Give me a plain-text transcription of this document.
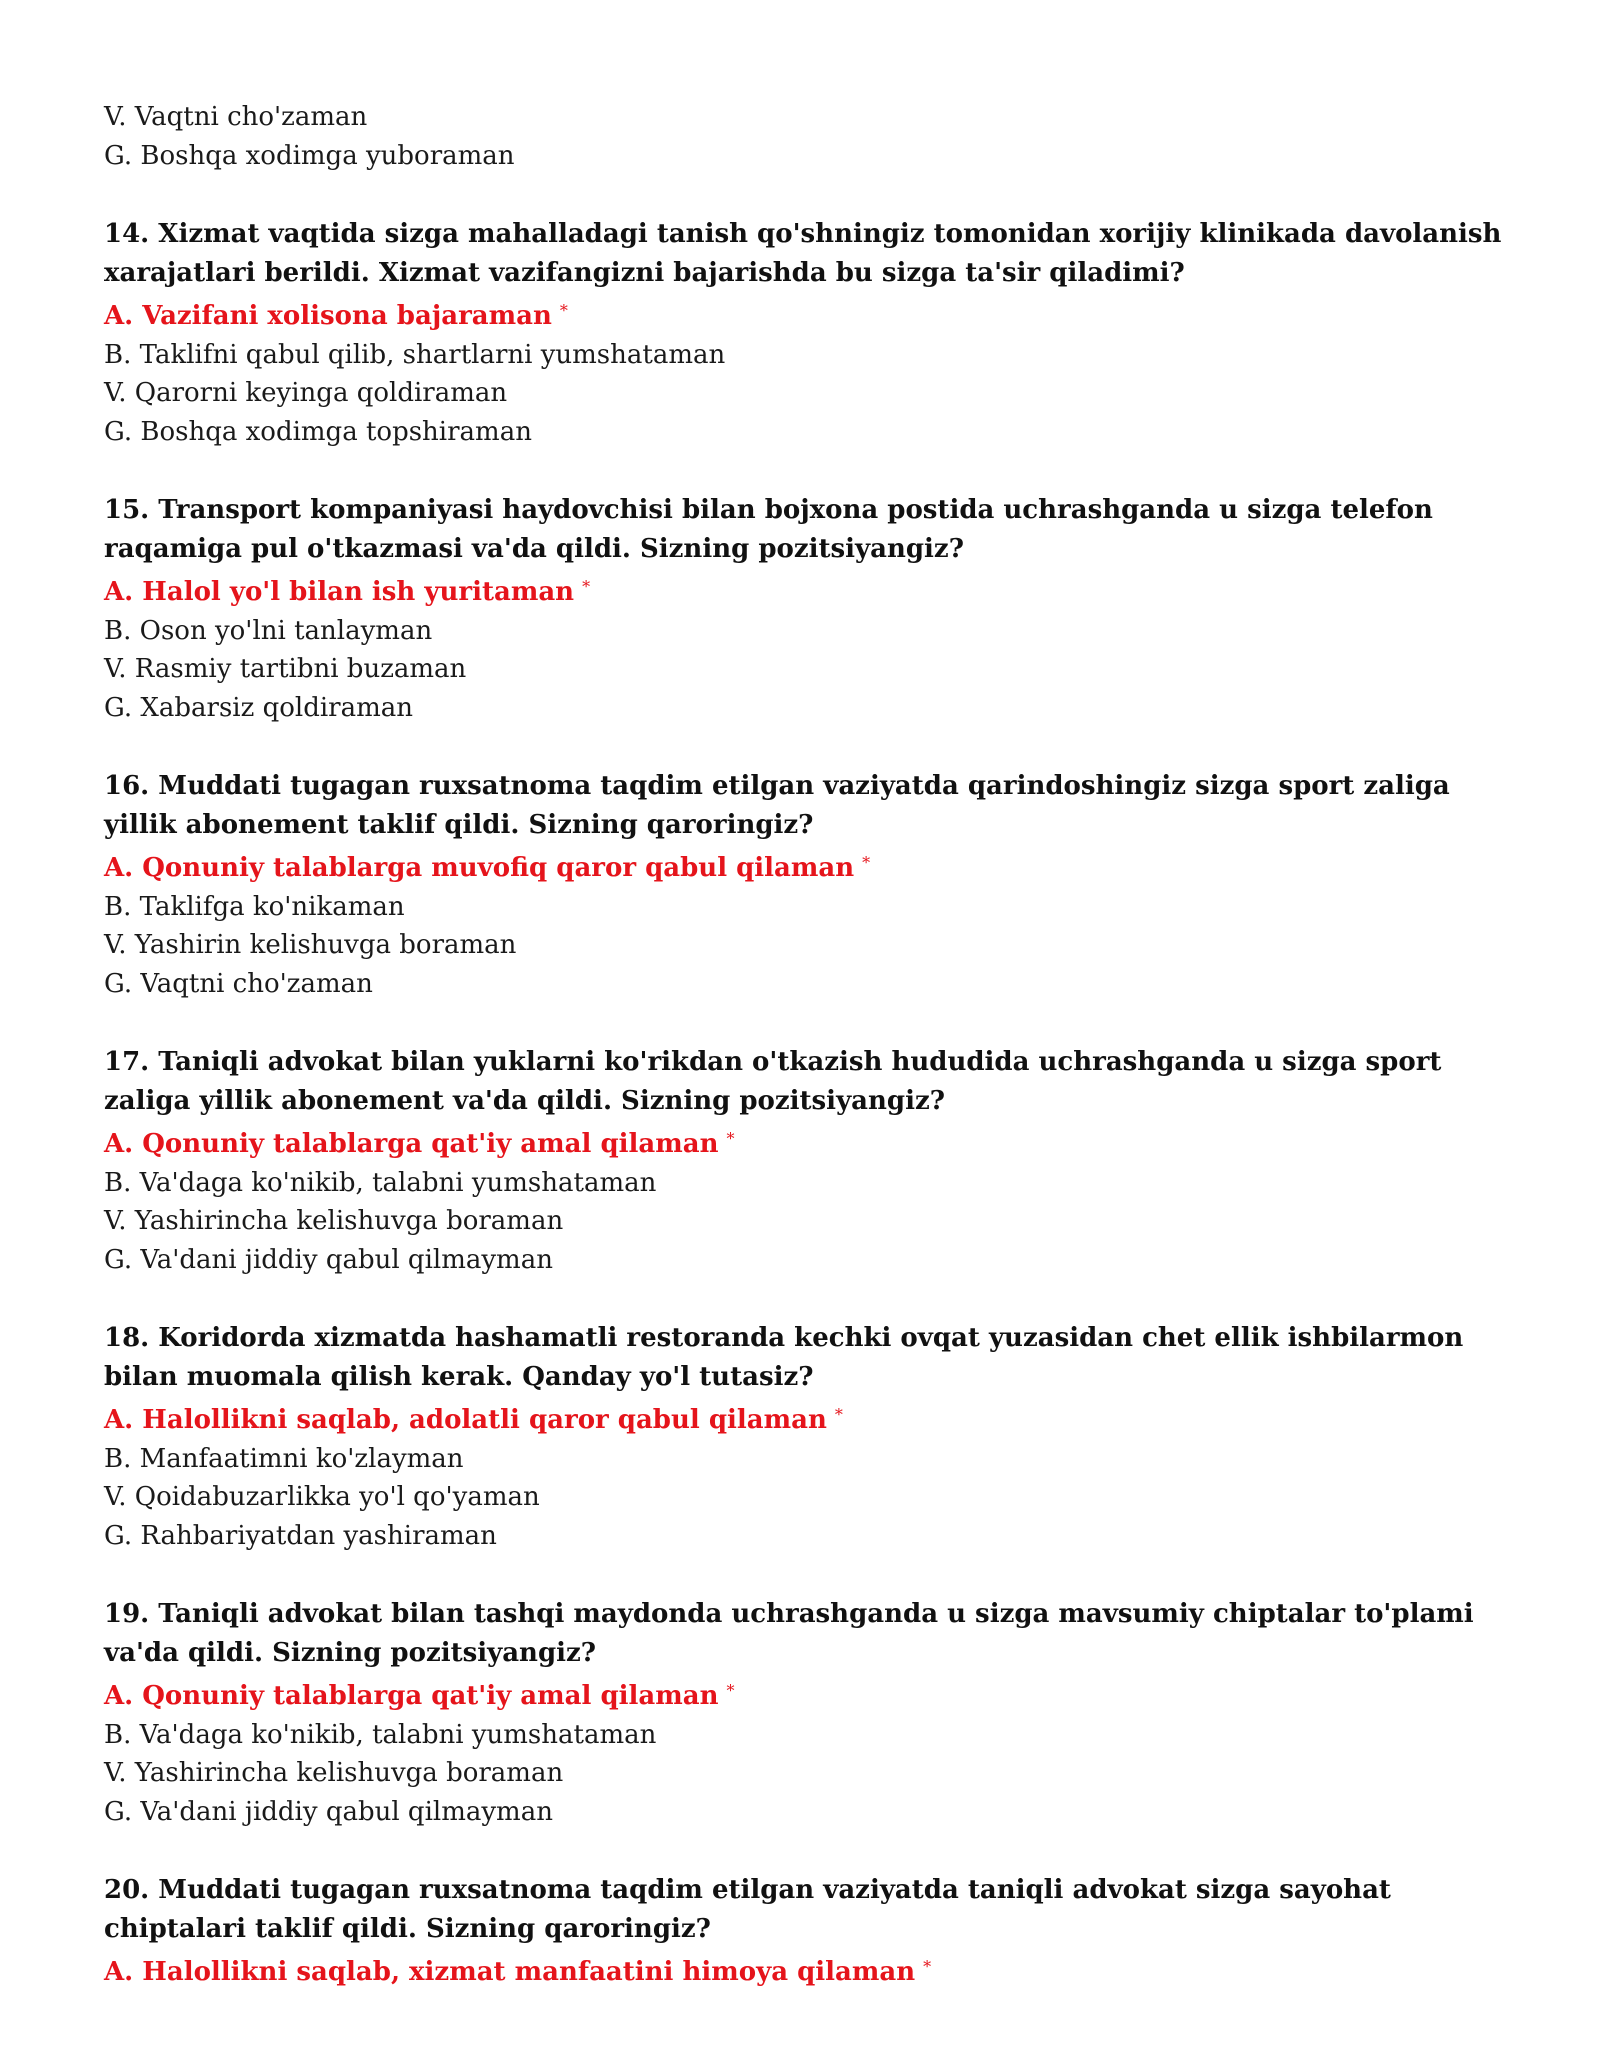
V. Vaqtni cho'zaman
G. Boshqa xodimga yuboraman
14. Xizmat vaqtida sizga mahalladagi tanish qo'shningiz tomonidan xorijiy klinikada davolanish xarajatlari berildi. Xizmat vazifangizni bajarishda bu sizga ta'sir qiladimi?
A. Vazifani xolisona bajaraman *
B. Taklifni qabul qilib, shartlarni yumshataman
V. Qarorni keyinga qoldiraman
G. Boshqa xodimga topshiraman
15. Transport kompaniyasi haydovchisi bilan bojxona postida uchrashganda u sizga telefon raqamiga pul o'tkazmasi va'da qildi. Sizning pozitsiyangiz?
A. Halol yo'l bilan ish yuritaman *
B. Oson yo'lni tanlayman
V. Rasmiy tartibni buzaman
G. Xabarsiz qoldiraman
16. Muddati tugagan ruxsatnoma taqdim etilgan vaziyatda qarindoshingiz sizga sport zaliga yillik abonement taklif qildi. Sizning qaroringiz?
A. Qonuniy talablarga muvofiq qaror qabul qilaman *
B. Taklifga ko'nikaman
V. Yashirin kelishuvga boraman
G. Vaqtni cho'zaman
17. Taniqli advokat bilan yuklarni ko'rikdan o'tkazish hududida uchrashganda u sizga sport zaliga yillik abonement va'da qildi. Sizning pozitsiyangiz?
A. Qonuniy talablarga qat'iy amal qilaman *
B. Va'daga ko'nikib, talabni yumshataman
V. Yashirincha kelishuvga boraman
G. Va'dani jiddiy qabul qilmayman
18. Koridorda xizmatda hashamatli restoranda kechki ovqat yuzasidan chet ellik ishbilarmon bilan muomala qilish kerak. Qanday yo'l tutasiz?
A. Halollikni saqlab, adolatli qaror qabul qilaman *
B. Manfaatimni ko'zlayman
V. Qoidabuzarlikka yo'l qo'yaman
G. Rahbariyatdan yashiraman
19. Taniqli advokat bilan tashqi maydonda uchrashganda u sizga mavsumiy chiptalar to'plami va'da qildi. Sizning pozitsiyangiz?
A. Qonuniy talablarga qat'iy amal qilaman *
B. Va'daga ko'nikib, talabni yumshataman
V. Yashirincha kelishuvga boraman
G. Va'dani jiddiy qabul qilmayman
20. Muddati tugagan ruxsatnoma taqdim etilgan vaziyatda taniqli advokat sizga sayohat chiptalari taklif qildi. Sizning qaroringiz?
A. Halollikni saqlab, xizmat manfaatini himoya qilaman *
